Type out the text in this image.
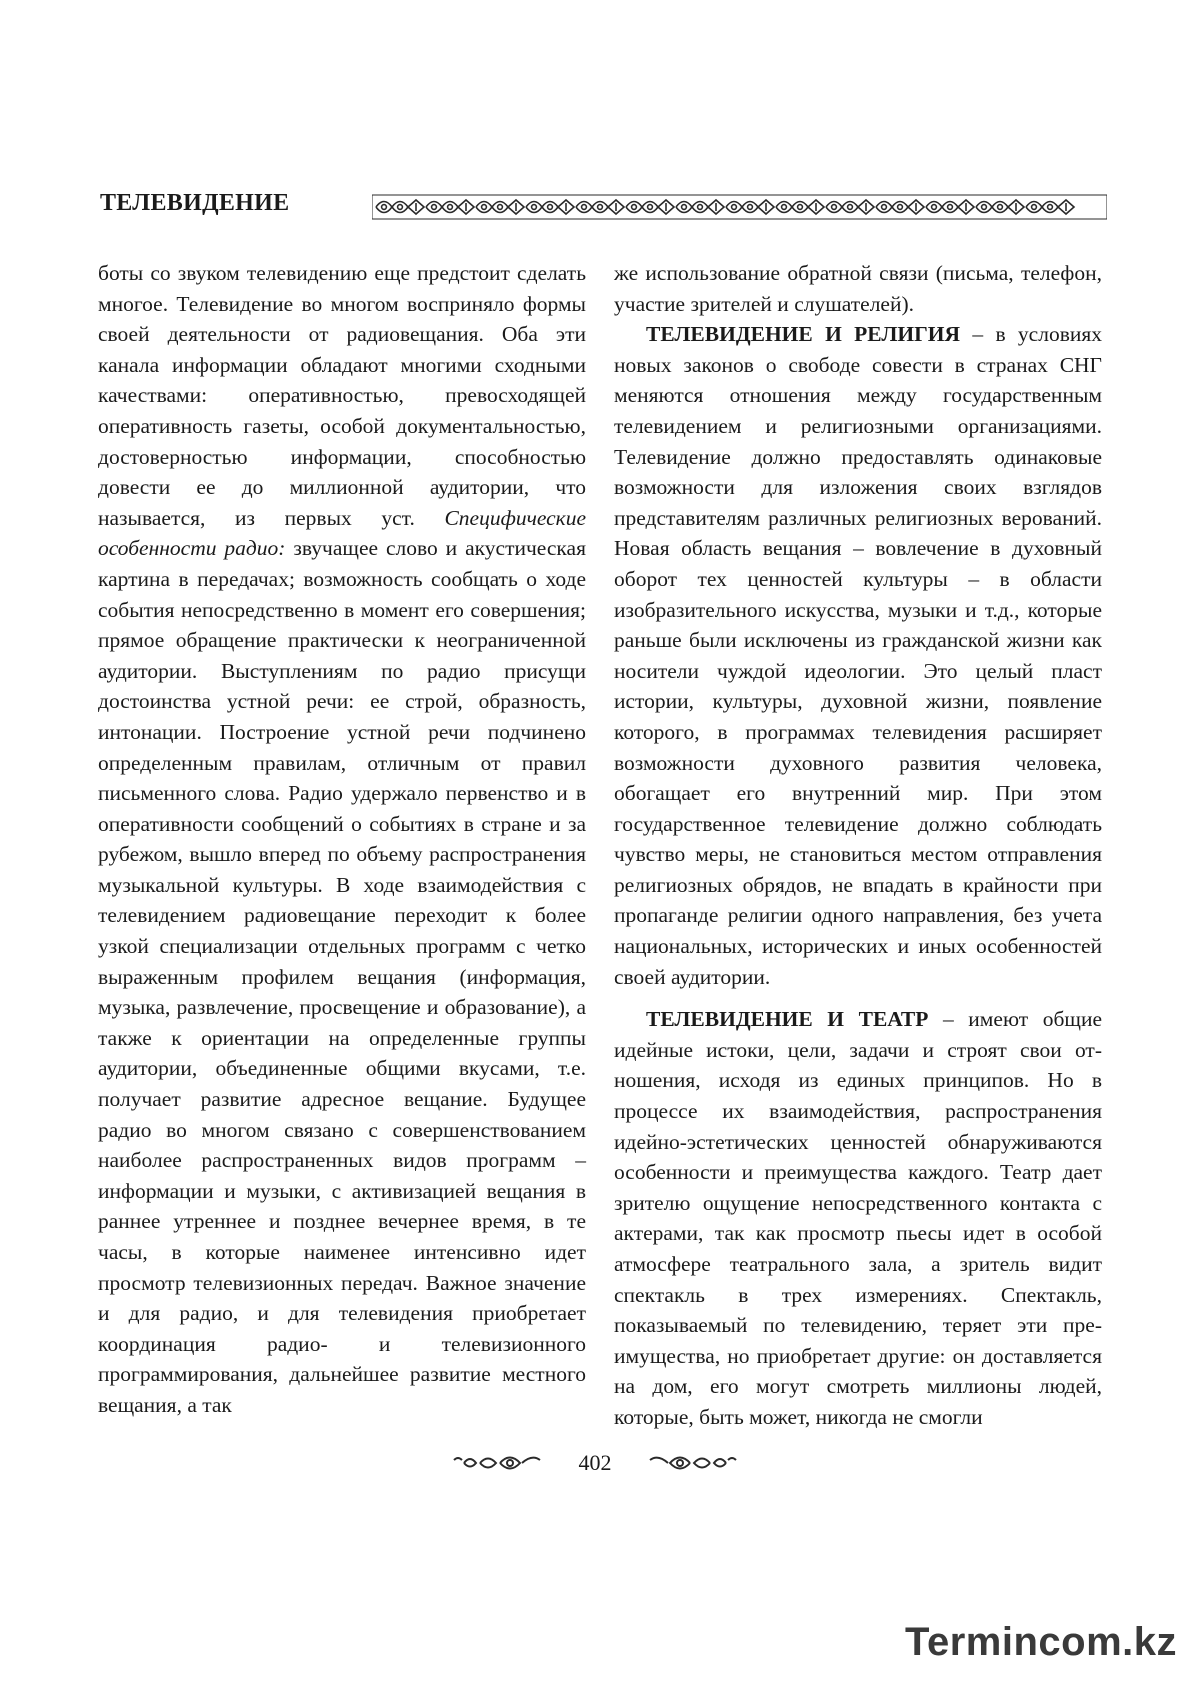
ТЕЛЕВИДЕНИЕ

боты со звуком телевидению еще предстоит сделать многое. Телевидение во многом восприняло формы своей деятельности от радиовещания. Оба эти канала информации обладают многими сходными качествами: оперативностью, превосходящей оперативность газеты, особой документальностью, достоверностью информации, способностью довести ее до миллионной аудитории, что называется, из первых уст. Специфические особенности радио: звучащее слово и акустическая картина в передачах; возможность сообщать о ходе события непосредственно в момент его совершения; прямое обращение практически к неограниченной аудитории. Выступлениям по радио присущи достоинства устной речи: ее строй, образность, интонации. Построение устной речи подчинено определенным правилам, отличным от правил письменного слова. Радио удержало первенство и в оперативности сообщений о событиях в стране и за рубежом, вышло вперед по объему распространения музыкальной культуры. В ходе взаимодействия с телевидением радиовещание переходит к более узкой специализации отдельных программ с четко выраженным профилем вещания (информация, музыка, развлечение, просвещение и образование), а также к ориентации на определенные группы аудитории, объединенные общими вкусами, т.е. получает развитие адресное вещание. Будущее радио во многом связано с совершенствованием наиболее распространенных видов программ – информации и музыки, с активизацией вещания в раннее утреннее и позднее вечернее время, в те часы, в которые наименее интенсивно идет просмотр телевизионных передач. Важное значение и для радио, и для телевидения приобретает координация радио- и телевизионного программирования, дальнейшее развитие местного вещания, а так

же использование обратной связи (письма, телефон, участие зрителей и слушателей).

ТЕЛЕВИДЕНИЕ И РЕЛИГИЯ – в условиях новых законов о свободе совести в странах СНГ меняются отношения между государственным телевидением и религиозными организациями. Телевидение должно предоставлять одинаковые возможности для изложения своих взглядов представителям различных религиозных верований. Новая область вещания – вовлечение в духовный оборот тех ценностей культуры – в области изобразительного искусства, музыки и т.д., которые раньше были исключены из гражданской жизни как носители чуждой идеологии. Это целый пласт истории, культуры, духовной жизни, появление которого, в программах телевидения расширяет возможности духовного развития человека, обогащает его внутренний мир. При этом государственное телевидение должно соблюдать чувство меры, не становиться местом отправления религиозных обрядов, не впадать в крайности при пропаганде религии одного направления, без учета национальных, исторических и иных особенностей своей аудитории.

ТЕЛЕВИДЕНИЕ И ТЕАТР – имеют общие идейные истоки, цели, задачи и строят свои отношения, исходя из единых принципов. Но в процессе их взаимодействия, распространения идейно-эстетических ценностей обнаруживаются особенности и преимущества каждого. Театр дает зрителю ощущение непосредственного контакта с актерами, так как просмотр пьесы идет в особой атмосфере театрального зала, а зритель видит спектакль в трех измерениях. Спектакль, показываемый по телевидению, теряет эти преимущества, но приобретает другие: он доставляется на дом, его могут смотреть миллионы людей, которые, быть может, никогда не смогли

402
Termincom.kz
